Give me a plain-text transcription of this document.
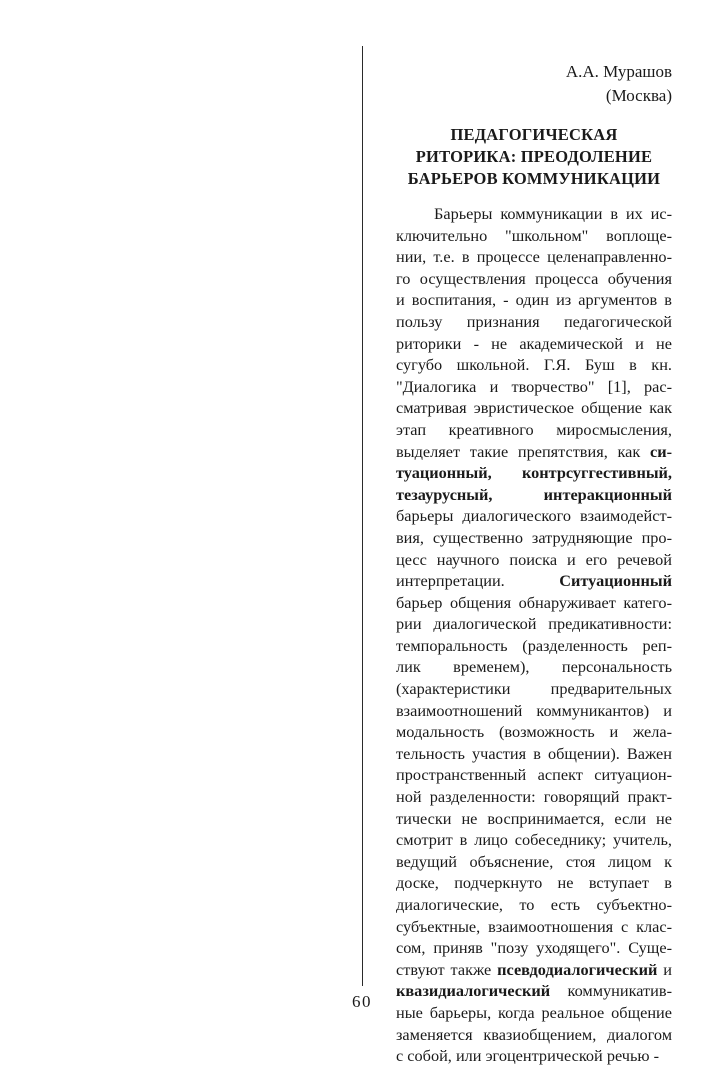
А.А. Мурашов
(Москва)
ПЕДАГОГИЧЕСКАЯ
РИТОРИКА: ПРЕОДОЛЕНИЕ
БАРЬЕРОВ КОММУНИКАЦИИ
Барьеры коммуникации в их ис-
ключительно "школьном" воплоще-
нии, т.е. в процессе целенаправленно-
го осуществления процесса обучения
и воспитания, - один из аргументов в
пользу признания педагогической
риторики - не академической и не
сугубо школьной. Г.Я. Буш в кн.
"Диалогика и творчество" [1], рас-
сматривая эвристическое общение как
этап креативного миросмысления,
выделяет такие препятствия, как си-
туационный, контрсуггестивный,
тезаурусный, интеракционный
барьеры диалогического взаимодейст-
вия, существенно затрудняющие про-
цесс научного поиска и его речевой
интерпретации. Ситуационный
барьер общения обнаруживает катего-
рии диалогической предикативности:
темпоральность (разделенность реп-
лик временем), персональность
(характеристики предварительных
взаимоотношений коммуникантов) и
модальность (возможность и жела-
тельность участия в общении). Важен
пространственный аспект ситуацион-
ной разделенности: говорящий практ-
тически не воспринимается, если не
смотрит в лицо собеседнику; учитель,
ведущий объяснение, стоя лицом к
доске, подчеркнуто не вступает в
диалогические, то есть субъектно-
субъектные, взаимоотношения с клас-
сом, приняв "позу уходящего". Суще-
ствуют также псевдодиалогический и
квазидиалогический коммуникатив-
ные барьеры, когда реальное общение
заменяется квазиобщением, диалогом
с собой, или эгоцентрической речью -
60
